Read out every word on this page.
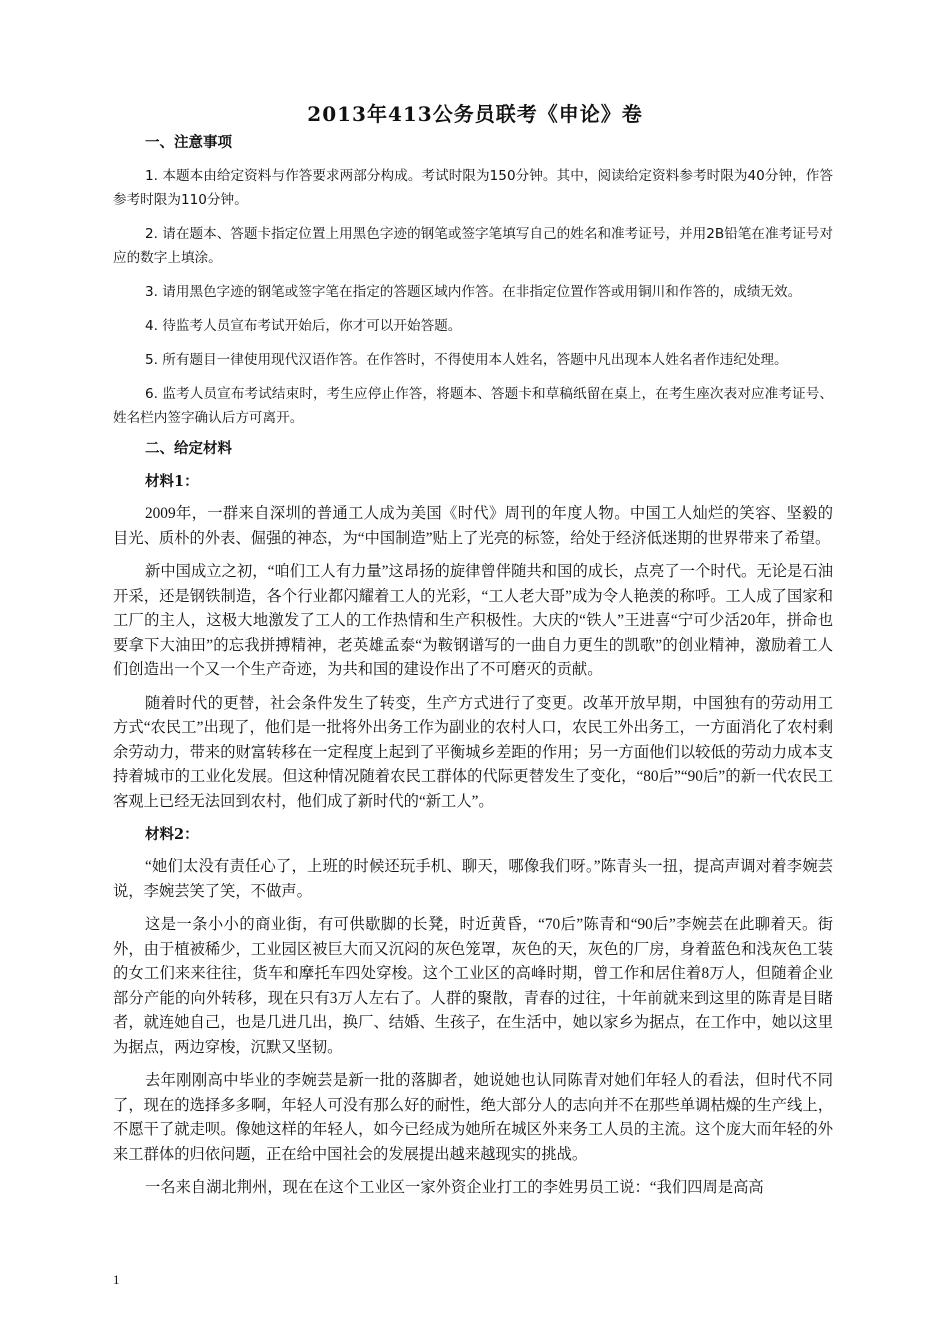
2013年413公务员联考《申论》卷
一、注意事项

1. 本题本由给定资料与作答要求两部分构成。考试时限为150分钟。其中，阅读给定资料参考时限为40分钟，作答参考时限为110分钟。

2. 请在题本、答题卡指定位置上用黑色字迹的钢笔或签字笔填写自己的姓名和准考证号，并用2B铅笔在准考证号对应的数字上填涂。

3. 请用黑色字迹的钢笔或签字笔在指定的答题区域内作答。在非指定位置作答或用铜川和作答的，成绩无效。

4. 待监考人员宣布考试开始后，你才可以开始答题。

5. 所有题目一律使用现代汉语作答。在作答时，不得使用本人姓名，答题中凡出现本人姓名者作违纪处理。

6. 监考人员宣布考试结束时，考生应停止作答，将题本、答题卡和草稿纸留在桌上，在考生座次表对应准考证号、姓名栏内签字确认后方可离开。

二、给定材料
材料1：

2009年，一群来自深圳的普通工人成为美国《时代》周刊的年度人物。中国工人灿烂的笑容、坚毅的目光、质朴的外表、倔强的神态，为“中国制造”贴上了光亮的标签，给处于经济低迷期的世界带来了希望。

新中国成立之初，“咱们工人有力量”这昂扬的旋律曾伴随共和国的成长，点亮了一个时代。无论是石油开采，还是钢铁制造，各个行业都闪耀着工人的光彩，“工人老大哥”成为令人艳羡的称呼。工人成了国家和工厂的主人，这极大地激发了工人的工作热情和生产积极性。大庆的“铁人”王进喜“宁可少活20年，拼命也要拿下大油田”的忘我拼搏精神，老英雄孟泰“为鞍钢谱写的一曲自力更生的凯歌”的创业精神，激励着工人们创造出一个又一个生产奇迹，为共和国的建设作出了不可磨灭的贡献。

随着时代的更替，社会条件发生了转变，生产方式进行了变更。改革开放早期，中国独有的劳动用工方式“农民工”出现了，他们是一批将外出务工作为副业的农村人口，农民工外出务工，一方面消化了农村剩余劳动力，带来的财富转移在一定程度上起到了平衡城乡差距的作用；另一方面他们以较低的劳动力成本支持着城市的工业化发展。但这种情况随着农民工群体的代际更替发生了变化，“80后”“90后”的新一代农民工客观上已经无法回到农村，他们成了新时代的“新工人”。

材料2：

“她们太没有责任心了，上班的时候还玩手机、聊天，哪像我们呀。”陈青头一扭，提高声调对着李婉芸说，李婉芸笑了笑，不做声。

这是一条小小的商业街，有可供歇脚的长凳，时近黄昏，“70后”陈青和“90后”李婉芸在此聊着天。街外，由于植被稀少，工业园区被巨大而又沉闷的灰色笼罩，灰色的天，灰色的厂房，身着蓝色和浅灰色工装的女工们来来往往，货车和摩托车四处穿梭。这个工业区的高峰时期，曾工作和居住着8万人，但随着企业部分产能的向外转移，现在只有3万人左右了。人群的聚散，青春的过往，十年前就来到这里的陈青是目睹者，就连她自己，也是几进几出，换厂、结婚、生孩子，在生活中，她以家乡为据点，在工作中，她以这里为据点，两边穿梭，沉默又坚韧。

去年刚刚高中毕业的李婉芸是新一批的落脚者，她说她也认同陈青对她们年轻人的看法，但时代不同了，现在的选择多多啊，年轻人可没有那么好的耐性，绝大部分人的志向并不在那些单调枯燥的生产线上，不愿干了就走呗。像她这样的年轻人，如今已经成为她所在城区外来务工人员的主流。这个庞大而年轻的外来工群体的归依问题，正在给中国社会的发展提出越来越现实的挑战。

一名来自湖北荆州，现在在这个工业区一家外资企业打工的李姓男员工说：“我们四周是高高

1
